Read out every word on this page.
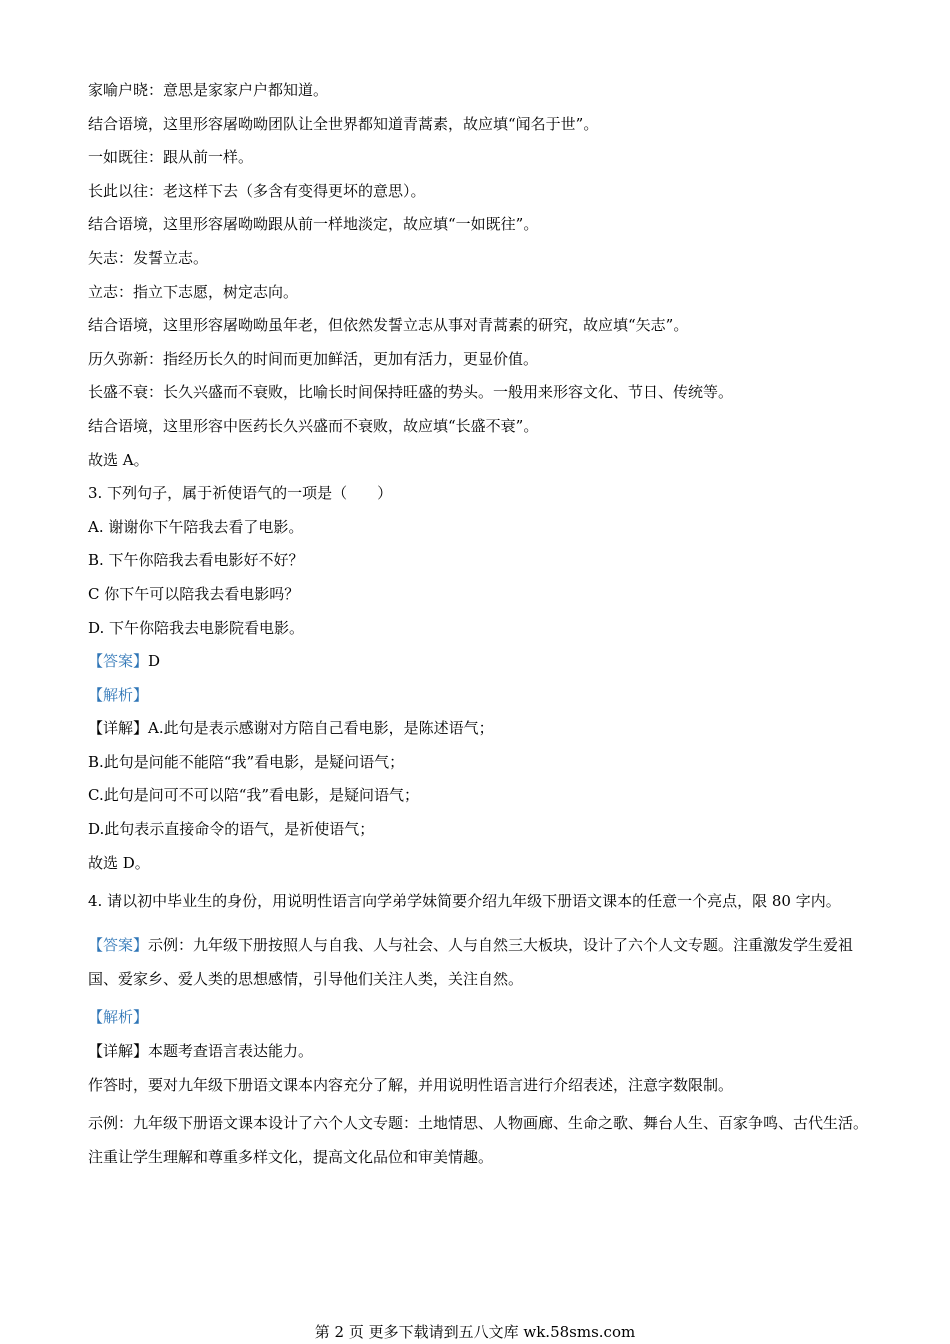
家喻户晓：意思是家家户户都知道。

结合语境，这里形容屠呦呦团队让全世界都知道青蒿素，故应填“闻名于世”。

一如既往：跟从前一样。

长此以往：老这样下去（多含有变得更坏的意思）。

结合语境，这里形容屠呦呦跟从前一样地淡定，故应填“一如既往”。

矢志：发誓立志。

立志：指立下志愿，树定志向。

结合语境，这里形容屠呦呦虽年老，但依然发誓立志从事对青蒿素的研究，故应填“矢志”。

历久弥新：指经历长久的时间而更加鲜活，更加有活力，更显价值。

长盛不衰：长久兴盛而不衰败，比喻长时间保持旺盛的势头。一般用来形容文化、节日、传统等。

结合语境，这里形容中医药长久兴盛而不衰败，故应填“长盛不衰”。

故选 A。

3. 下列句子，属于祈使语气的一项是（　　）

A. 谢谢你下午陪我去看了电影。

B. 下午你陪我去看电影好不好？

C 你下午可以陪我去看电影吗？

D. 下午你陪我去电影院看电影。

【答案】D

【解析】

【详解】A.此句是表示感谢对方陪自己看电影，是陈述语气；

B.此句是问能不能陪“我”看电影，是疑问语气；

C.此句是问可不可以陪“我”看电影，是疑问语气；

D.此句表示直接命令的语气，是祈使语气；

故选 D。

4. 请以初中毕业生的身份，用说明性语言向学弟学妹简要介绍九年级下册语文课本的任意一个亮点，限 80 字内。

【答案】示例：九年级下册按照人与自我、人与社会、人与自然三大板块，设计了六个人文专题。注重激发学生爱祖国、爱家乡、爱人类的思想感情，引导他们关注人类，关注自然。

【解析】

【详解】本题考查语言表达能力。

作答时，要对九年级下册语文课本内容充分了解，并用说明性语言进行介绍表述，注意字数限制。

示例：九年级下册语文课本设计了六个人文专题：土地情思、人物画廊、生命之歌、舞台人生、百家争鸣、古代生活。注重让学生理解和尊重多样文化，提高文化品位和审美情趣。

第 2 页 更多下载请到五八文库 wk.58sms.com
